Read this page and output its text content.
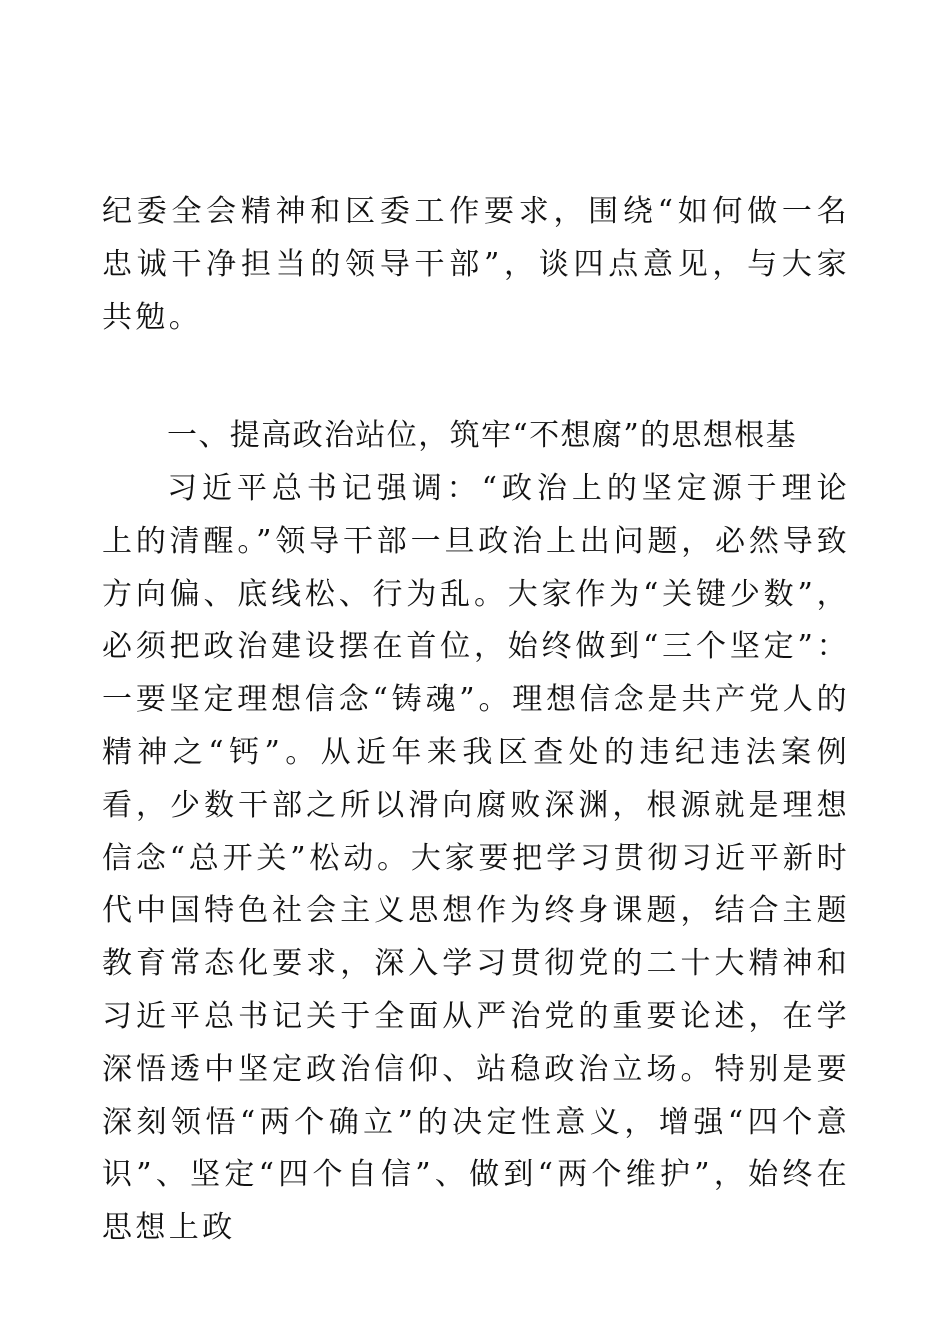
纪委全会精神和区委工作要求，围绕“如何做一名忠诚干净担当的领导干部”，谈四点意见，与大家共勉。

一、提高政治站位，筑牢“不想腐”的思想根基

习近平总书记强调：“政治上的坚定源于理论上的清醒。”领导干部一旦政治上出问题，必然导致方向偏、底线松、行为乱。大家作为“关键少数”，必须把政治建设摆在首位，始终做到“三个坚定”：一要坚定理想信念“铸魂”。理想信念是共产党人的精神之“钙”。从近年来我区查处的违纪违法案例看，少数干部之所以滑向腐败深渊，根源就是理想信念“总开关”松动。大家要把学习贯彻习近平新时代中国特色社会主义思想作为终身课题，结合主题教育常态化要求，深入学习贯彻党的二十大精神和习近平总书记关于全面从严治党的重要论述，在学深悟透中坚定政治信仰、站稳政治立场。特别是要深刻领悟“两个确立”的决定性意义，增强“四个意识”、坚定“四个自信”、做到“两个维护”，始终在思想上政
